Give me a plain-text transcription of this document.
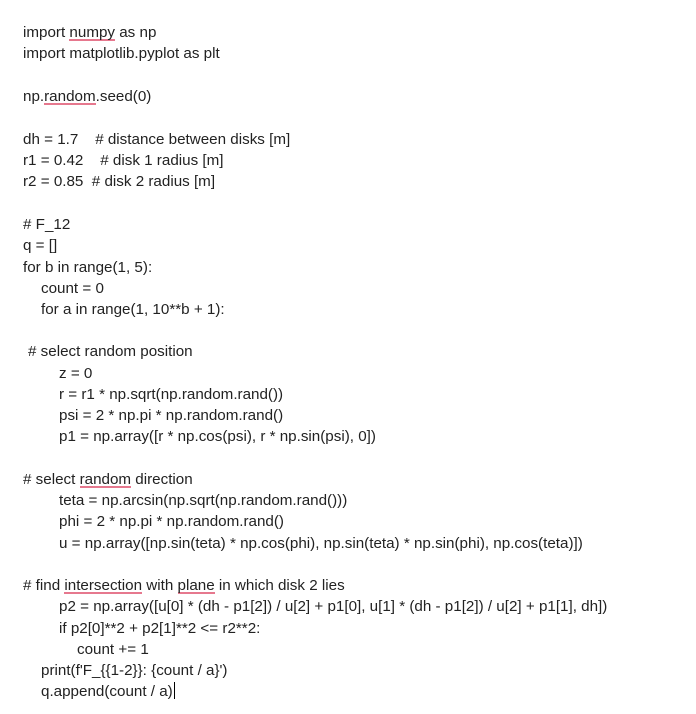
import numpy as np
import matplotlib.pyplot as plt
np.random.seed(0)
dh = 1.7    # distance between disks [m]
r1 = 0.42    # disk 1 radius [m]
r2 = 0.85  # disk 2 radius [m]
# F_12
q = []
for b in range(1, 5):
count = 0
for a in range(1, 10**b + 1):
# select random position
z = 0
r = r1 * np.sqrt(np.random.rand())
psi = 2 * np.pi * np.random.rand()
p1 = np.array([r * np.cos(psi), r * np.sin(psi), 0])
# select random direction
teta = np.arcsin(np.sqrt(np.random.rand()))
phi = 2 * np.pi * np.random.rand()
u = np.array([np.sin(teta) * np.cos(phi), np.sin(teta) * np.sin(phi), np.cos(teta)])
# find intersection with plane in which disk 2 lies
p2 = np.array([u[0] * (dh - p1[2]) / u[2] + p1[0], u[1] * (dh - p1[2]) / u[2] + p1[1], dh])
if p2[0]**2 + p2[1]**2 <= r2**2:
count += 1
print(f'F_{{1-2}}: {count / a}')
q.append(count / a)
